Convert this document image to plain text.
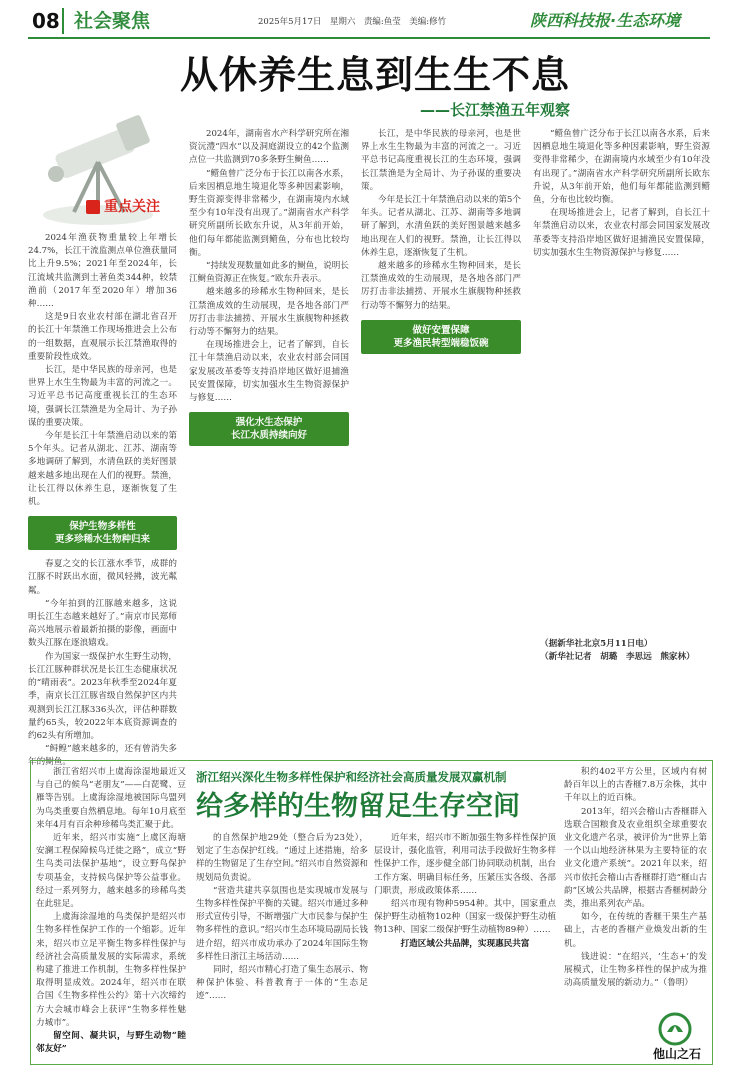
08 社会聚焦	2025年5月17日　星期六　责编:鱼莹　美编:修竹	陕西科技报·生态环境
从休养生息到生生不息
——长江禁渔五年观察
重点关注

2024年渔获物重量较上年增长24.7%，长江干流监测点单位渔获量同比上升9.5%；2021年至2024年，长江流域共监测到土著鱼类344种，较禁渔前（2017年至2020年）增加36种……

这是9日农业农村部在湖北省召开的长江十年禁渔工作现场推进会上公布的一组数据，直观展示长江禁渔取得的重要阶段性成效。

长江，是中华民族的母亲河，也是世界上水生生物最为丰富的河流之一。习近平总书记高度重视长江的生态环境，强调长江禁渔是为全局计、为子孙谋的重要决策。

今年是长江十年禁渔启动以来的第5个年头。记者从湖北、江苏、湖南等多地调研了解到，水清鱼跃的美好图景越来越多地出现在人们的视野。禁渔，让长江得以休养生息，逐渐恢复了生机。

保护生物多样性
更多珍稀水生物种归来

春夏之交的长江涨水季节，成群的江豚不时跃出水面，微风轻拂，波光粼粼。

“今年拍到的江豚越来越多，这说明长江生态越来越好了。”南京市民郑师高兴地展示着最新拍摄的影像，画面中数头江豚在逐浪嬉戏。

作为国家一级保护水生野生动物，长江江豚种群状况是长江生态健康状况的“晴雨表”。2023年秋季至2024年夏季，南京长江江豚省级自然保护区内共观测到长江江豚336头次，评估种群数量约65头，较2022年本底资源调查的约62头有所增加。

“鲟鳇”越来越多的，还有曾消失多年的鲥鱼。

2024年，湖南省水产科学研究所在湘资沅澧“四水”以及洞庭湖设立的42个监测点位一共监测到70多条野生鲥鱼……

“鳤鱼曾广泛分布于长江以南各水系，后来因栖息地生境退化等多种因素影响，野生资源变得非常稀少，在湖南境内水域至少有10年没有出现了。”湖南省水产科学研究所副所长欧东升说，从3年前开始，他们每年都能监测到鳤鱼，分布也比较均衡。

“持续发现数量如此多的鲥鱼，说明长江鲥鱼资源正在恢复。”欧东升表示。

越来越多的珍稀水生物种回来，是长江禁渔成效的生动展现，是各地各部门严厉打击非法捕捞、开展水生旗舰物种拯救行动等不懈努力的结果。

在现场推进会上，记者了解到，自长江十年禁渔启动以来，农业农村部会同国家发展改革委等支持沿岸地区做好退捕渔民安置保障，切实加强水生生物资源保护与修复……

强化水生态保护
长江水质持续向好

长江，是中华民族的母亲河，也是世界上水生生物最为丰富的河流之一。习近平总书记高度重视长江的生态环境，强调长江禁渔是为全局计、为子孙谋的重要决策。

今年是长江十年禁渔启动以来的第5个年头。记者从湖北、江苏、湖南等多地调研了解到，水清鱼跃的美好图景越来越多地出现在人们的视野。禁渔，让长江得以休养生息，逐渐恢复了生机。

越来越多的珍稀水生物种回来，是长江禁渔成效的生动展现，是各地各部门严厉打击非法捕捞、开展水生旗舰物种拯救行动等不懈努力的结果。

做好安置保障
更多渔民转型端稳饭碗

“鳤鱼曾广泛分布于长江以南各水系，后来因栖息地生境退化等多种因素影响，野生资源变得非常稀少，在湖南境内水域至少有10年没有出现了。”湖南省水产科学研究所副所长欧东升说，从3年前开始，他们每年都能监测到鳤鱼，分布也比较均衡。

在现场推进会上，记者了解到，自长江十年禁渔启动以来，农业农村部会同国家发展改革委等支持沿岸地区做好退捕渔民安置保障，切实加强水生生物资源保护与修复……

（据新华社北京5月11日电）
（新华社记者　胡璐　李思远　熊家林）

浙江省绍兴市上虞海涂湿地最近又与自己的候鸟“老朋友”——白琵鹭、豆雁等告别。上虞海涂湿地被国际鸟盟列为鸟类重要自然栖息地。每年10月底至来年4月有百余种珍稀鸟类汇聚于此。

近年来，绍兴市实施“上虞区海塘安澜工程保障候鸟迁徙之路”，成立“野生鸟类司法保护基地”，设立野鸟保护专项基金，支持候鸟保护等公益事业。经过一系列努力，越来越多的珍稀鸟类在此驻足。

上虞海涂湿地的鸟类保护是绍兴市生物多样性保护工作的一个缩影。近年来，绍兴市立足平衡生物多样性保护与经济社会高质量发展的实际需求，系统构建了推进工作机制，生物多样性保护取得明显成效。2024年，绍兴市在联合国《生物多样性公约》第十六次缔约方大会城市峰会上获评“生物多样性魅力城市”。

留空间、凝共识，与野生动物“睦邻友好”

浙江绍兴深化生物多样性保护和经济社会高质量发展双赢机制
给多样的生物留足生存空间

的自然保护地29处（整合后为23处），划定了生态保护红线。“通过上述措施，给多样的生物留足了生存空间。”绍兴市自然资源和规划局负责说。

“营造共建共享氛围也是实现城市发展与生物多样性保护平衡的关键。绍兴市通过多种形式宣传引导，不断增强广大市民参与保护生物多样性的意识。”绍兴市生态环境局副局长钱进介绍，绍兴市成功承办了2024年国际生物多样性日浙江主场活动……

同时，绍兴市精心打造了集生态展示、物种保护体验、科普教育于一体的“生态足迹”……

近年来，绍兴市不断加强生物多样性保护顶层设计，强化监管，利用司法手段做好生物多样性保护工作，逐步健全部门协同联动机制，出台工作方案、明确目标任务，压紧压实各级、各部门职责，形成政策体系……

绍兴市现有物种5954种。其中，国家重点保护野生动植物102种（国家一级保护野生动植物13种、国家二级保护野生动植物89种）……

打造区域公共品牌，实现惠民共富

积约402平方公里，区域内有树龄百年以上的古香榧7.8万余株，其中千年以上的近百株。

2013年，绍兴会稽山古香榧群入选联合国粮食及农业组织全球重要农业文化遗产名录，被评价为“世界上第一个以山地经济林果为主要特征的农业文化遗产系统”。2021年以来，绍兴市依托会稽山古香榧群打造“榧山古韵”区域公共品牌，根据古香榧树龄分类，推出系列农产品。

如今，在传统的香榧干果生产基础上，古老的香榧产业焕发出新的生机。

钱进说：“在绍兴，‘生态+’的发展模式，让生物多样性的保护成为推动高质量发展的新动力。”（鲁明）

他山之石
